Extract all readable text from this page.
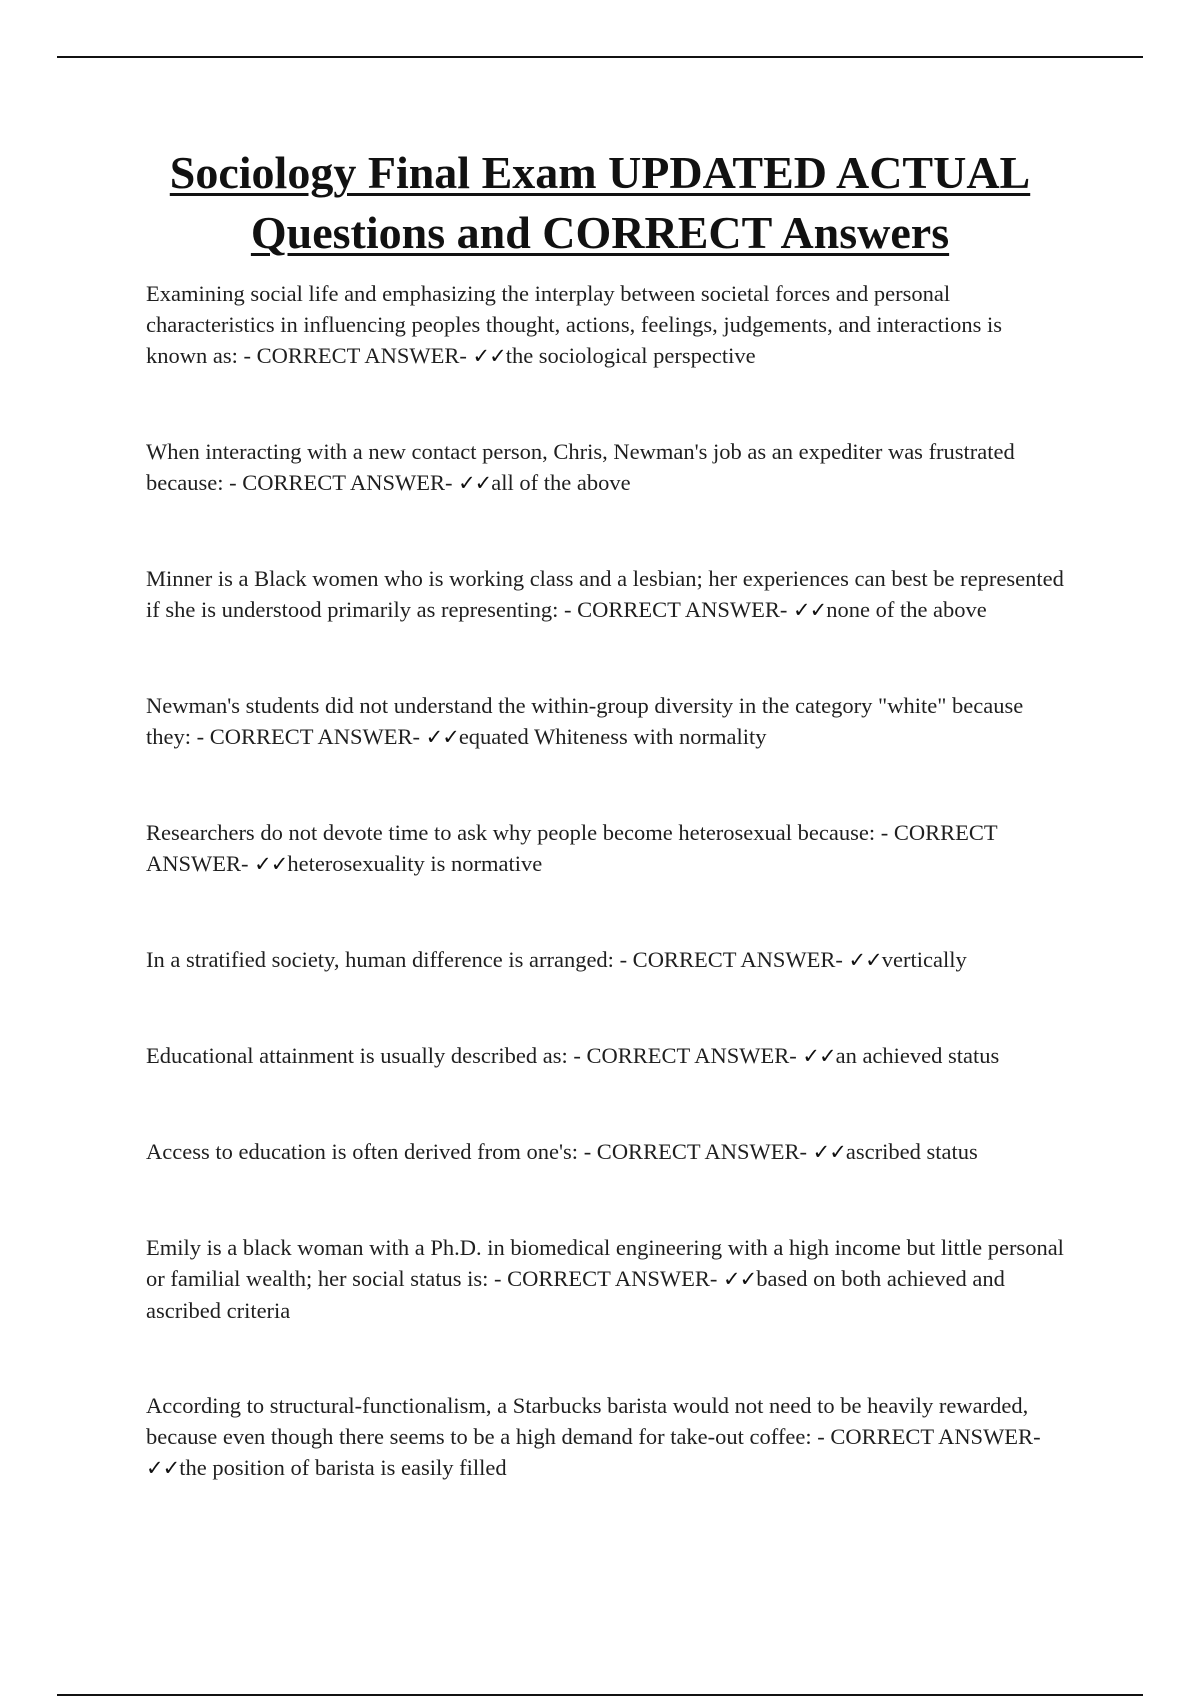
Sociology Final Exam UPDATED ACTUAL
Questions and CORRECT Answers
Examining social life and emphasizing the interplay between societal forces and personal characteristics in influencing peoples thought, actions, feelings, judgements, and interactions is known as: - CORRECT ANSWER- ✓✓the sociological perspective
When interacting with a new contact person, Chris, Newman's job as an expediter was frustrated because: - CORRECT ANSWER- ✓✓all of the above
Minner is a Black women who is working class and a lesbian; her experiences can best be represented if she is understood primarily as representing: - CORRECT ANSWER- ✓✓none of the above
Newman's students did not understand the within-group diversity in the category "white" because they: - CORRECT ANSWER- ✓✓equated Whiteness with normality
Researchers do not devote time to ask why people become heterosexual because: - CORRECT ANSWER- ✓✓heterosexuality is normative
In a stratified society, human difference is arranged: - CORRECT ANSWER- ✓✓vertically
Educational attainment is usually described as: - CORRECT ANSWER- ✓✓an achieved status
Access to education is often derived from one's: - CORRECT ANSWER- ✓✓ascribed status
Emily is a black woman with a Ph.D. in biomedical engineering with a high income but little personal or familial wealth; her social status is: - CORRECT ANSWER- ✓✓based on both achieved and ascribed criteria
According to structural-functionalism, a Starbucks barista would not need to be heavily rewarded, because even though there seems to be a high demand for take-out coffee: - CORRECT ANSWER- ✓✓the position of barista is easily filled
